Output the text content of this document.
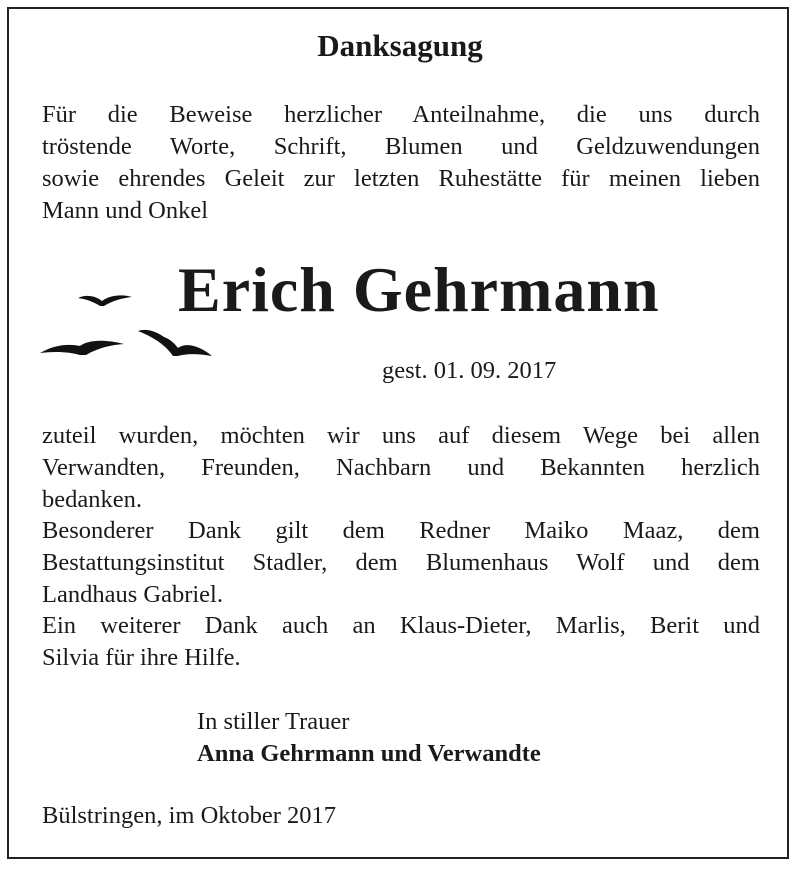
Danksagung
Für die Beweise herzlicher Anteilnahme, die uns durch
tröstende Worte, Schrift, Blumen und Geldzuwendungen
sowie ehrendes Geleit zur letzten Ruhestätte für meinen lieben
Mann und Onkel
Erich Gehrmann
gest. 01. 09. 2017
zuteil wurden, möchten wir uns auf diesem Wege bei allen
Verwandten, Freunden, Nachbarn und Bekannten herzlich
bedanken.
Besonderer Dank gilt dem Redner Maiko Maaz, dem
Bestattungsinstitut Stadler, dem Blumenhaus Wolf und dem
Landhaus Gabriel.
Ein weiterer Dank auch an Klaus-Dieter, Marlis, Berit und
Silvia für ihre Hilfe.
In stiller Trauer
Anna Gehrmann und Verwandte
Bülstringen, im Oktober 2017
